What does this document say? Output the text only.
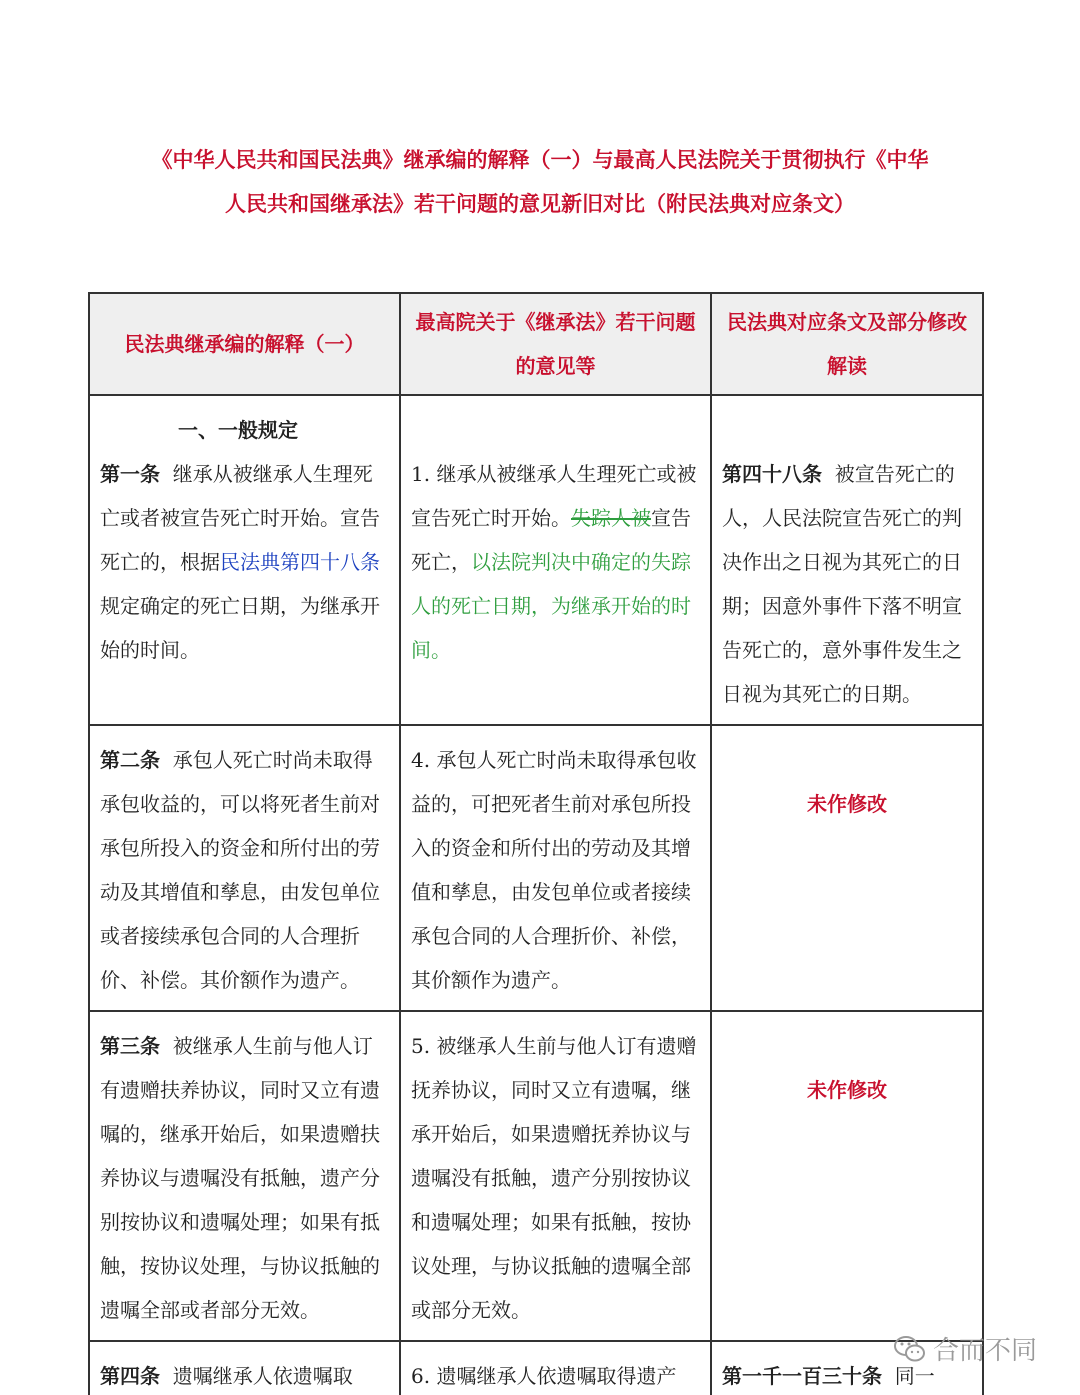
《中华人民共和国民法典》继承编的解释（一）与最高人民法院关于贯彻执行《中华人民共和国继承法》若干问题的意见新旧对比（附民法典对应条文）
民法典继承编的解释（一）	最高院关于《继承法》若干问题的意见等	民法典对应条文及部分修改解读

一、一般规定
第一条 继承从被继承人生理死亡或者被宣告死亡时开始。宣告死亡的，根据民法典第四十八条规定确定的死亡日期，为继承开始的时间。	1. 继承从被继承人生理死亡或被宣告死亡时开始。失踪人被宣告死亡，以法院判决中确定的失踪人的死亡日期，为继承开始的时间。	第四十八条 被宣告死亡的人，人民法院宣告死亡的判决作出之日视为其死亡的日期；因意外事件下落不明宣告死亡的，意外事件发生之日视为其死亡的日期。

第二条 承包人死亡时尚未取得承包收益的，可以将死者生前对承包所投入的资金和所付出的劳动及其增值和孳息，由发包单位或者接续承包合同的人合理折价、补偿。其价额作为遗产。	4. 承包人死亡时尚未取得承包收益的，可把死者生前对承包所投入的资金和所付出的劳动及其增值和孳息，由发包单位或者接续承包合同的人合理折价、补偿，其价额作为遗产。	未作修改

第三条 被继承人生前与他人订有遗赠扶养协议，同时又立有遗嘱的，继承开始后，如果遗赠扶养协议与遗嘱没有抵触，遗产分别按协议和遗嘱处理；如果有抵触，按协议处理，与协议抵触的遗嘱全部或者部分无效。	5. 被继承人生前与他人订有遗赠抚养协议，同时又立有遗嘱，继承开始后，如果遗赠抚养协议与遗嘱没有抵触，遗产分别按协议和遗嘱处理；如果有抵触，按协议处理，与协议抵触的遗嘱全部或部分无效。	未作修改

第四条 遗嘱继承人依遗嘱取	6. 遗嘱继承人依遗嘱取得遗产	第一千一百三十条 同一
合而不同
